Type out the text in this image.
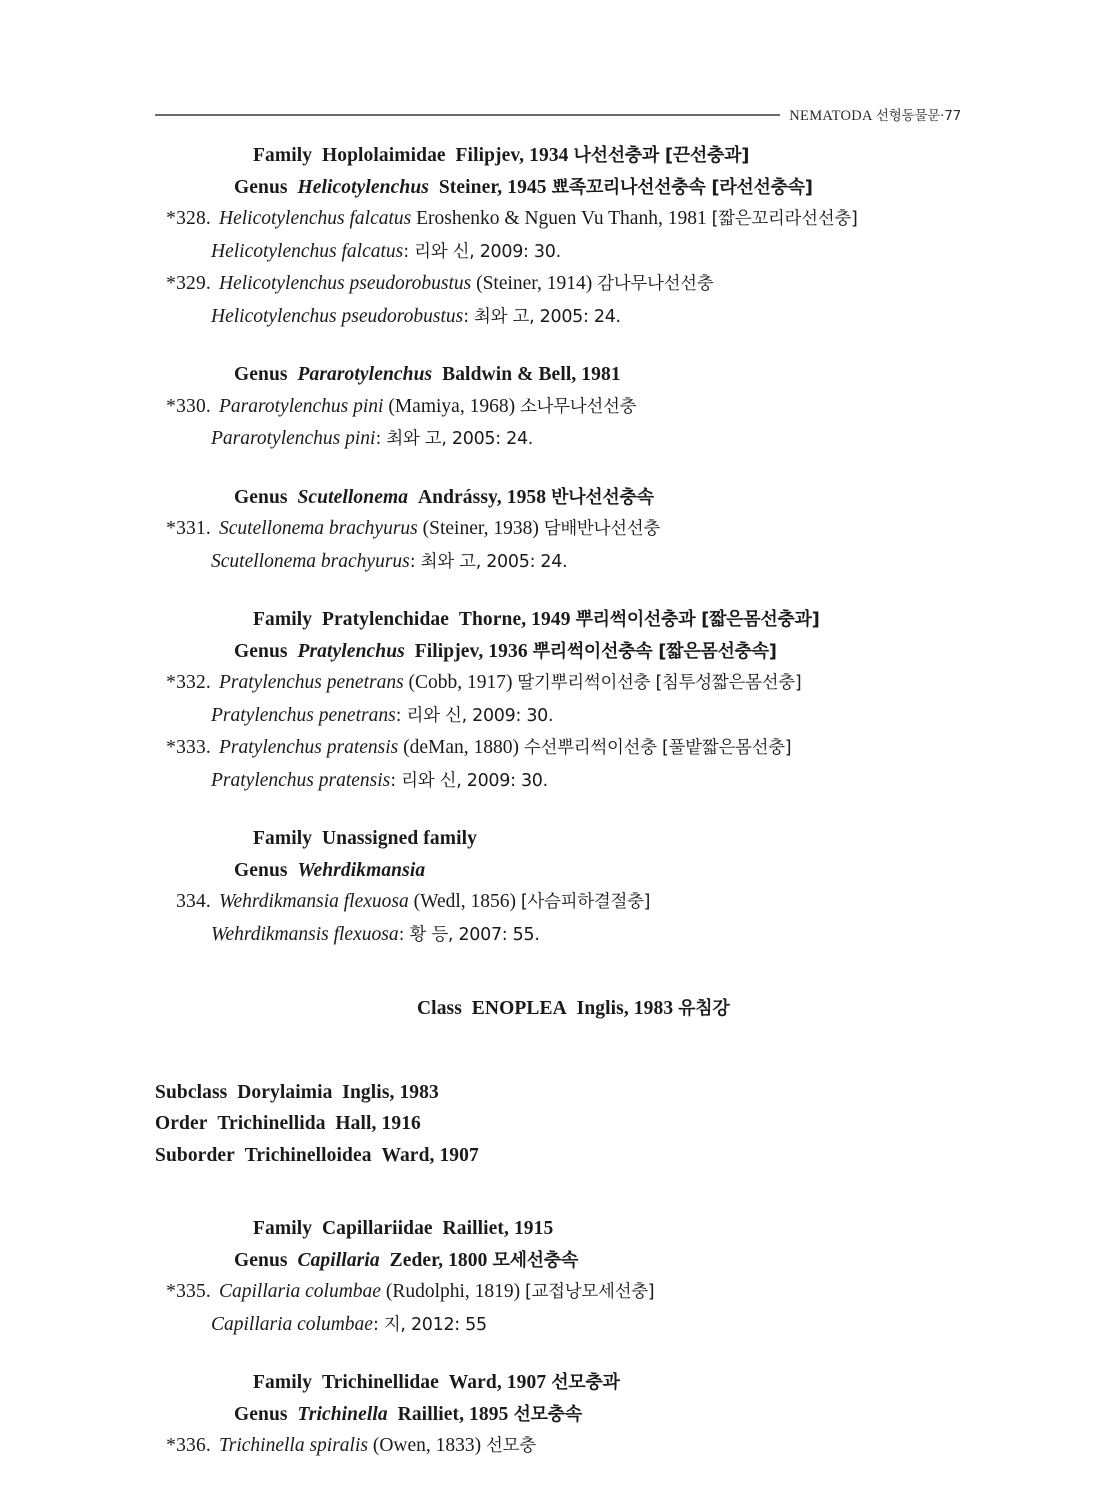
NEMATODA 선형동물문·77
Family  Hoplolaimidae  Filipjev, 1934 나선선충과 [끈선충과]
Genus  Helicotylenchus  Steiner, 1945 뾰족꼬리나선선충속 [라선선충속]
*328. Helicotylenchus falcatus Eroshenko & Nguen Vu Thanh, 1981 [짧은꼬리라선선충]
Helicotylenchus falcatus: 리와 신, 2009: 30.
*329. Helicotylenchus pseudorobustus (Steiner, 1914) 감나무나선선충
Helicotylenchus pseudorobustus: 최와 고, 2005: 24.
Genus  Pararotylenchus  Baldwin & Bell, 1981
*330. Pararotylenchus pini (Mamiya, 1968) 소나무나선선충
Pararotylenchus pini: 최와 고, 2005: 24.
Genus  Scutellonema  Andrássy, 1958 반나선선충속
*331. Scutellonema brachyurus (Steiner, 1938) 담배반나선선충
Scutellonema brachyurus: 최와 고, 2005: 24.
Family  Pratylenchidae  Thorne, 1949 뿌리썩이선충과 [짧은몸선충과]
Genus  Pratylenchus  Filipjev, 1936 뿌리썩이선충속 [짧은몸선충속]
*332. Pratylenchus penetrans (Cobb, 1917) 딸기뿌리썩이선충 [침투성짧은몸선충]
Pratylenchus penetrans: 리와 신, 2009: 30.
*333. Pratylenchus pratensis (deMan, 1880) 수선뿌리썩이선충 [풀밭짧은몸선충]
Pratylenchus pratensis: 리와 신, 2009: 30.
Family  Unassigned family
Genus  Wehrdikmansia
334. Wehrdikmansia flexuosa (Wedl, 1856) [사슴피하결절충]
Wehrdikmansis flexuosa: 황 등, 2007: 55.
Class  ENOPLEA  Inglis, 1983 유침강
Subclass  Dorylaimia  Inglis, 1983
Order  Trichinellida  Hall, 1916
Suborder  Trichinelloidea  Ward, 1907
Family  Capillariidae  Railliet, 1915
Genus  Capillaria  Zeder, 1800 모세선충속
*335. Capillaria columbae (Rudolphi, 1819) [교접낭모세선충]
Capillaria columbae: 지, 2012: 55
Family  Trichinellidae  Ward, 1907 선모충과
Genus  Trichinella  Railliet, 1895 선모충속
*336. Trichinella spiralis (Owen, 1833) 선모충
